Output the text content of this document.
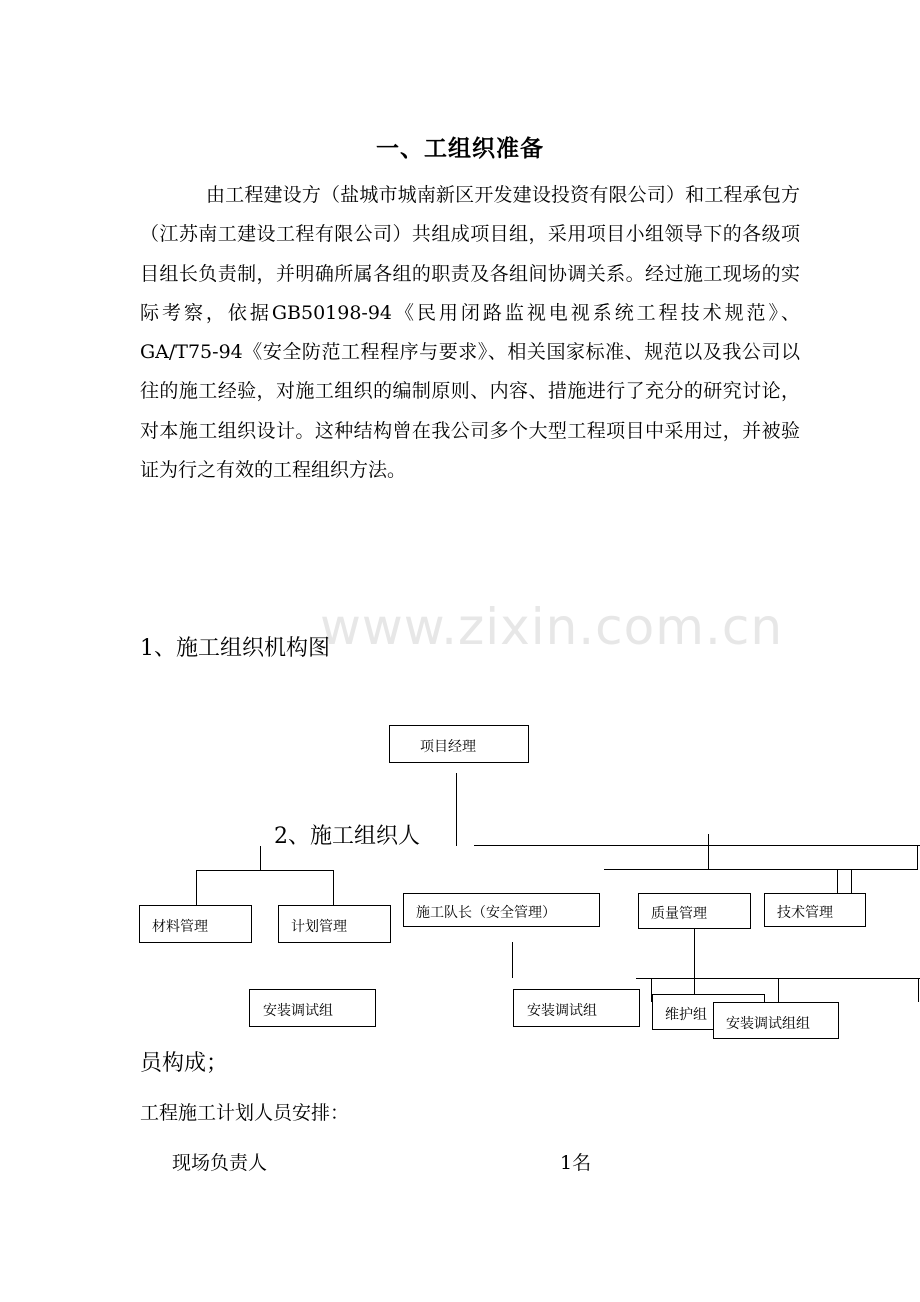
一、工组织准备
由工程建设方（盐城市城南新区开发建设投资有限公司）和工程承包方（江苏南工建设工程有限公司）共组成项目组，采用项目小组领导下的各级项目组长负责制，并明确所属各组的职责及各组间协调关系。经过施工现场的实际考察，依据GB50198-94《民用闭路监视电视系统工程技术规范》、GA/T75-94《安全防范工程程序与要求》、相关国家标准、规范以及我公司以往的施工经验，对施工组织的编制原则、内容、措施进行了充分的研究讨论，对本施工组织设计。这种结构曾在我公司多个大型工程项目中采用过，并被验证为行之有效的工程组织方法。
www.zixin.com.cn
1、施工组织机构图
项目经理
材料管理	计划管理
施工队长（安全管理）	质量管理	技术管理
安装调试组	安装调试组	维护组
安装调试组组
2、施工组织人
员构成；
工程施工计划人员安排：
现场负责人	1名
